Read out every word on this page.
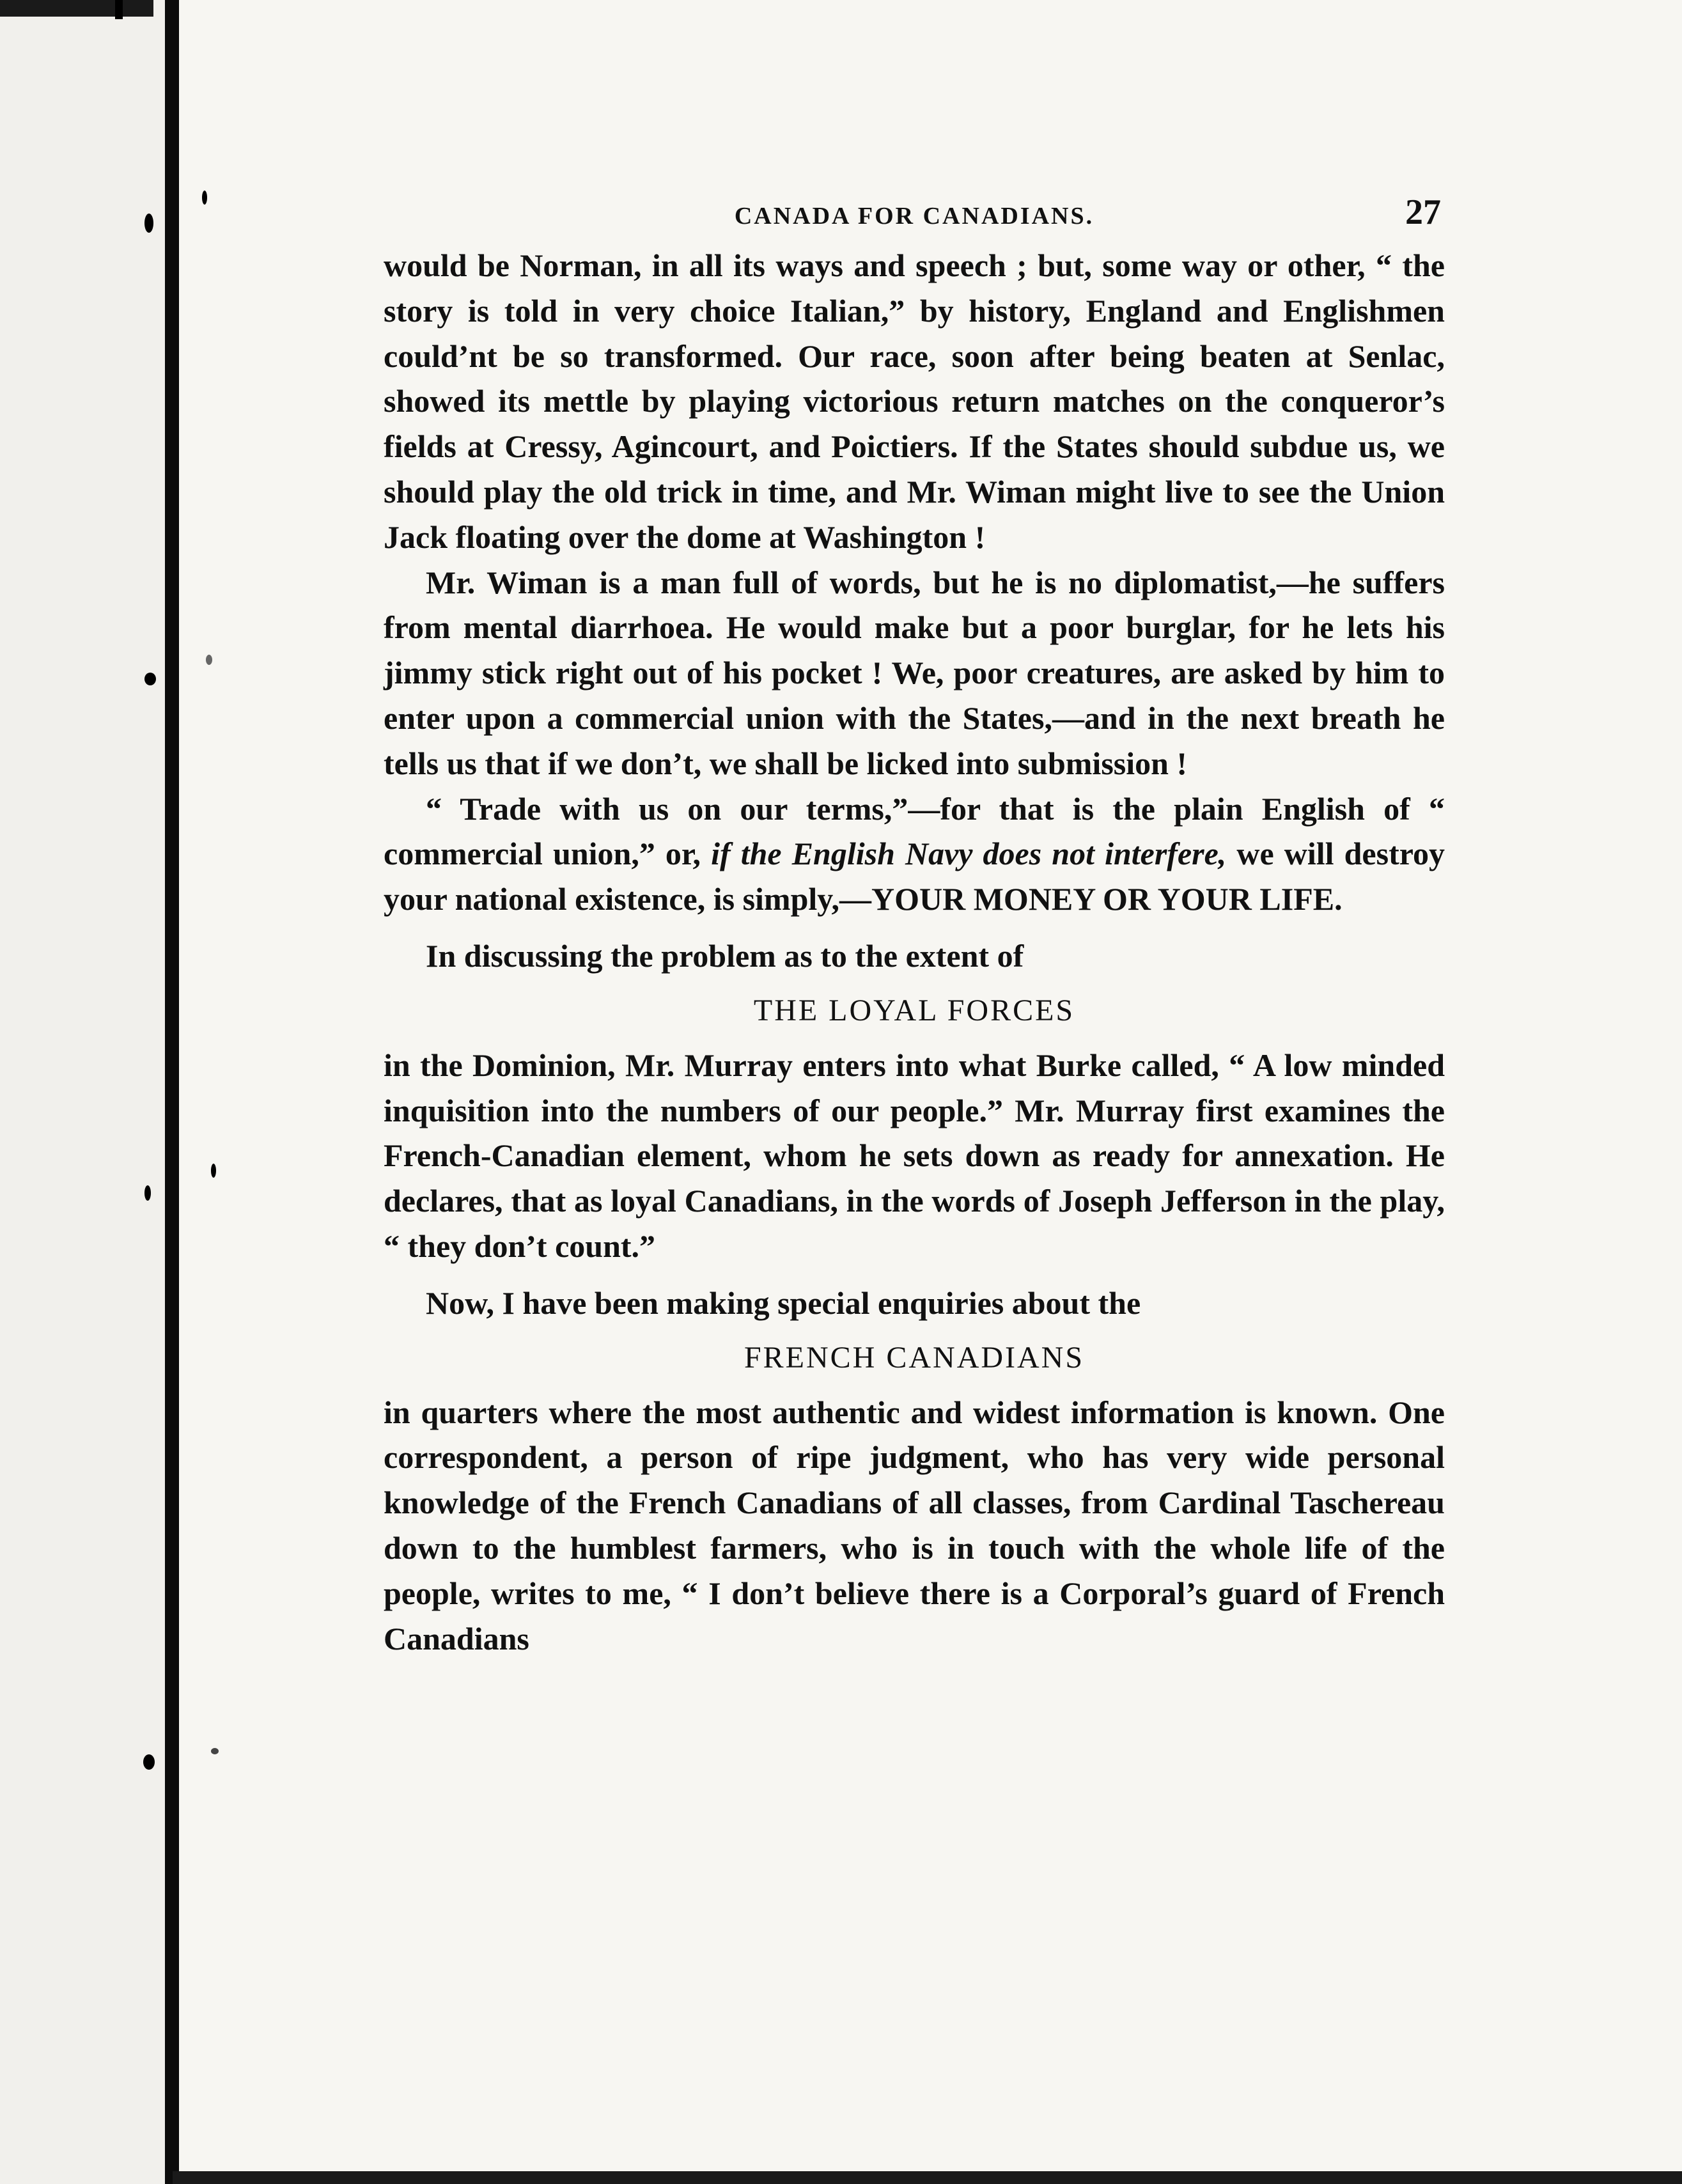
CANADA FOR CANADIANS.	27

would be Norman, in all its ways and speech ; but, some way or other, “ the story is told in very choice Italian,” by history, England and Englishmen could’nt be so transformed. Our race, soon after being beaten at Senlac, showed its mettle by playing victorious return matches on the conqueror’s fields at Cressy, Agincourt, and Poictiers. If the States should subdue us, we should play the old trick in time, and Mr. Wiman might live to see the Union Jack floating over the dome at Washington !

Mr. Wiman is a man full of words, but he is no diplomatist,—he suffers from mental diarrhoea. He would make but a poor burglar, for he lets his jimmy stick right out of his pocket ! We, poor creatures, are asked by him to enter upon a commercial union with the States,—and in the next breath he tells us that if we don’t, we shall be licked into submission !

“ Trade with us on our terms,”—for that is the plain English of “ commercial union,” or, if the English Navy does not interfere, we will destroy your national existence, is simply,—YOUR MONEY OR YOUR LIFE.

In discussing the problem as to the extent of

THE LOYAL FORCES

in the Dominion, Mr. Murray enters into what Burke called, “ A low minded inquisition into the numbers of our people.” Mr. Murray first examines the French-Canadian element, whom he sets down as ready for annexation. He declares, that as loyal Canadians, in the words of Joseph Jefferson in the play, “ they don’t count.”

Now, I have been making special enquiries about the

FRENCH CANADIANS

in quarters where the most authentic and widest information is known. One correspondent, a person of ripe judgment, who has very wide personal knowledge of the French Canadians of all classes, from Cardinal Taschereau down to the humblest farmers, who is in touch with the whole life of the people, writes to me, “ I don’t believe there is a Corporal’s guard of French Canadians
